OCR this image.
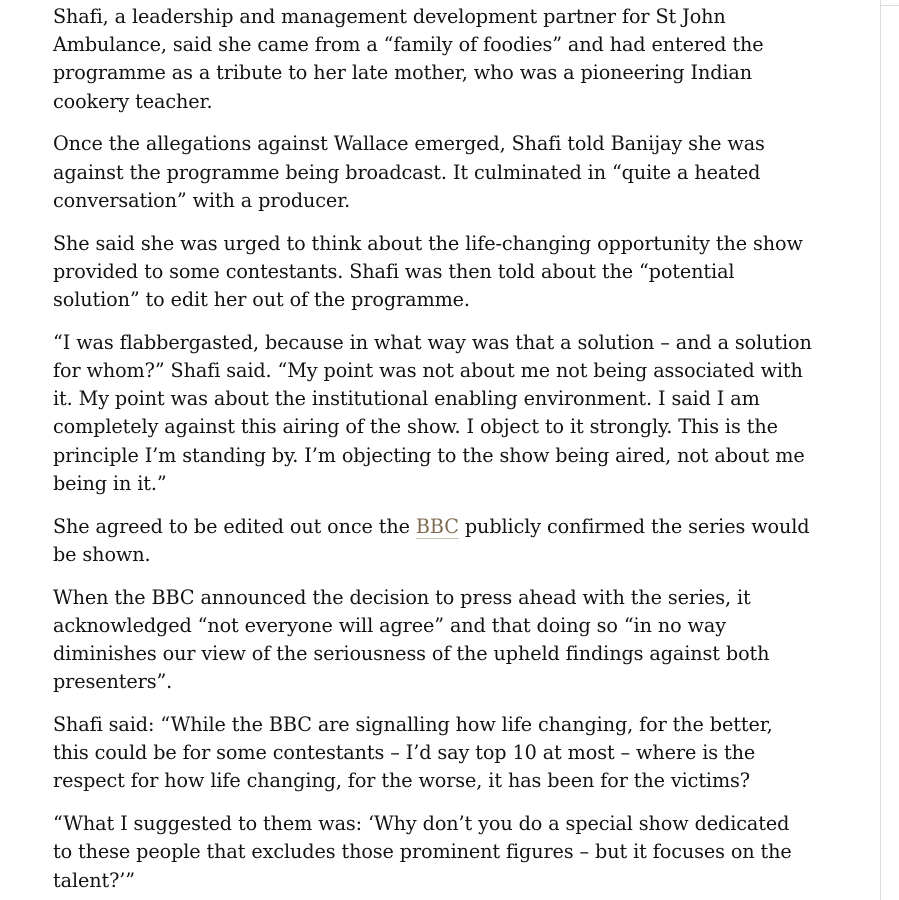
Shafi, a leadership and management development partner for St John Ambulance, said she came from a “family of foodies” and had entered the programme as a tribute to her late mother, who was a pioneering Indian cookery teacher.

Once the allegations against Wallace emerged, Shafi told Banijay she was against the programme being broadcast. It culminated in “quite a heated conversation” with a producer.

She said she was urged to think about the life-changing opportunity the show provided to some contestants. Shafi was then told about the “potential solution” to edit her out of the programme.

“I was flabbergasted, because in what way was that a solution – and a solution for whom?” Shafi said. “My point was not about me not being associated with it. My point was about the institutional enabling environment. I said I am completely against this airing of the show. I object to it strongly. This is the principle I’m standing by. I’m objecting to the show being aired, not about me being in it.”

She agreed to be edited out once the BBC publicly confirmed the series would be shown.

When the BBC announced the decision to press ahead with the series, it acknowledged “not everyone will agree” and that doing so “in no way diminishes our view of the seriousness of the upheld findings against both presenters”.

Shafi said: “While the BBC are signalling how life changing, for the better, this could be for some contestants – I’d say top 10 at most – where is the respect for how life changing, for the worse, it has been for the victims?

“What I suggested to them was: ‘Why don’t you do a special show dedicated to these people that excludes those prominent figures – but it focuses on the talent?’”
